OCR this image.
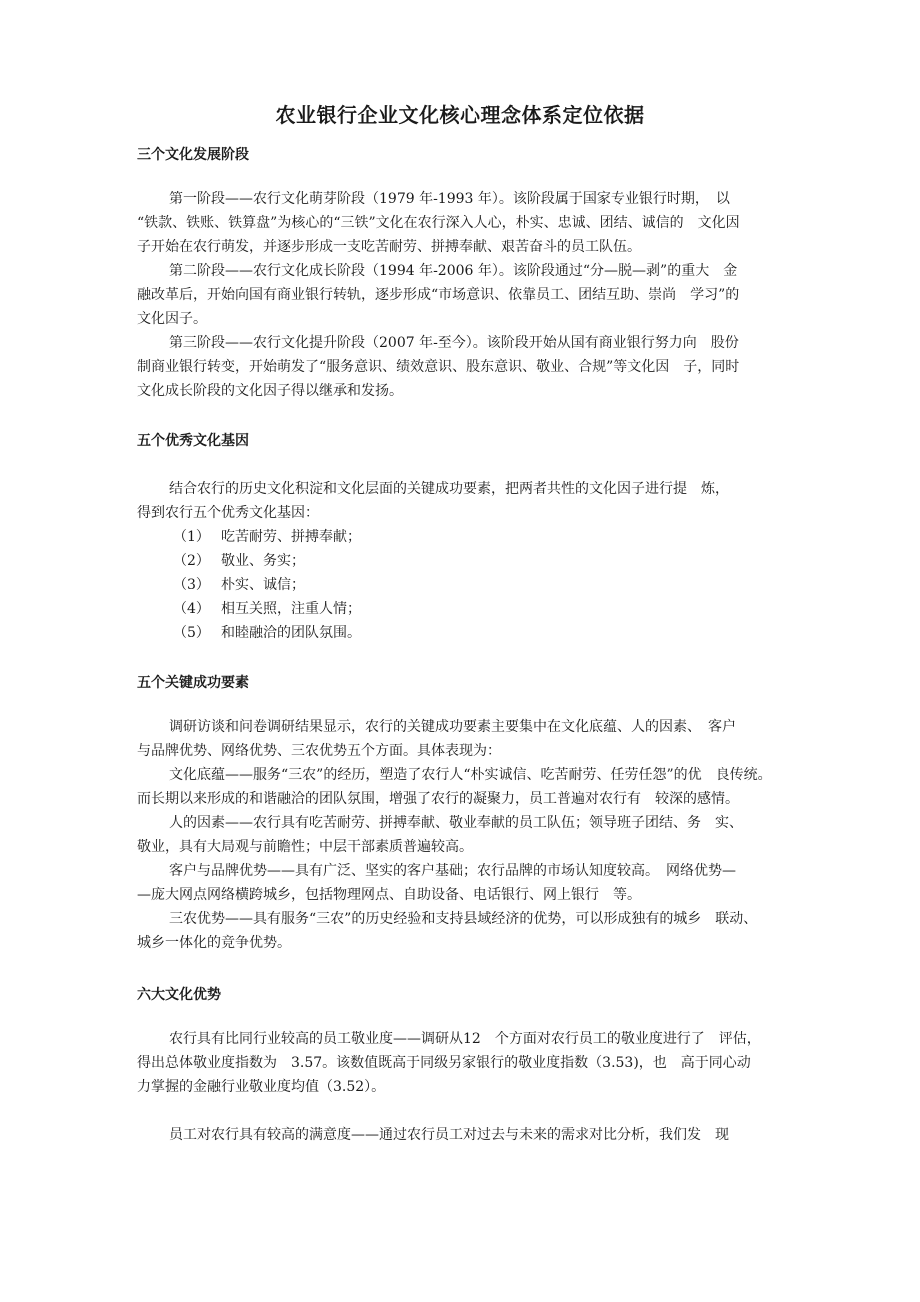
农业银行企业文化核心理念体系定位依据
三个文化发展阶段
第一阶段——农行文化萌芽阶段（1979 年-1993 年）。该阶段属于国家专业银行时期，　以
“铁款、铁账、铁算盘”为核心的“三铁”文化在农行深入人心，朴实、忠诚、团结、诚信的　文化因
子开始在农行萌发，并逐步形成一支吃苦耐劳、拼搏奉献、艰苦奋斗的员工队伍。
第二阶段——农行文化成长阶段（1994 年-2006 年）。该阶段通过“分—脱—剥”的重大　金
融改革后，开始向国有商业银行转轨，逐步形成“市场意识、依靠员工、团结互助、崇尚　学习”的
文化因子。
第三阶段——农行文化提升阶段（2007 年-至今）。该阶段开始从国有商业银行努力向　股份
制商业银行转变，开始萌发了“服务意识、绩效意识、股东意识、敬业、合规”等文化因　子，同时
文化成长阶段的文化因子得以继承和发扬。
五个优秀文化基因
结合农行的历史文化积淀和文化层面的关键成功要素，把两者共性的文化因子进行提　炼，
得到农行五个优秀文化基因：
（1） 吃苦耐劳、拼搏奉献；
（2） 敬业、务实；
（3） 朴实、诚信；
（4） 相互关照，注重人情；
（5） 和睦融洽的团队氛围。
五个关键成功要素
调研访谈和问卷调研结果显示，农行的关键成功要素主要集中在文化底蕴、人的因素、　客户
与品牌优势、网络优势、三农优势五个方面。具体表现为：
文化底蕴——服务“三农”的经历，塑造了农行人“朴实诚信、吃苦耐劳、任劳任怨”的优　良传统。
而长期以来形成的和谐融洽的团队氛围，增强了农行的凝聚力，员工普遍对农行有　较深的感情。
人的因素——农行具有吃苦耐劳、拼搏奉献、敬业奉献的员工队伍；领导班子团结、务　实、
敬业，具有大局观与前瞻性；中层干部素质普遍较高。
客户与品牌优势——具有广泛、坚实的客户基础；农行品牌的市场认知度较高。　网络优势—
—庞大网点网络横跨城乡，包括物理网点、自助设备、电话银行、网上银行　等。
三农优势——具有服务“三农”的历史经验和支持县域经济的优势，可以形成独有的城乡　联动、
城乡一体化的竞争优势。
六大文化优势
农行具有比同行业较高的员工敬业度——调研从12　个方面对农行员工的敬业度进行了　评估，
得出总体敬业度指数为　3.57。该数值既高于同级另家银行的敬业度指数（3.53)，也　高于同心动
力掌握的金融行业敬业度均值（3.52）。
员工对农行具有较高的满意度——通过农行员工对过去与未来的需求对比分析，我们发　现
